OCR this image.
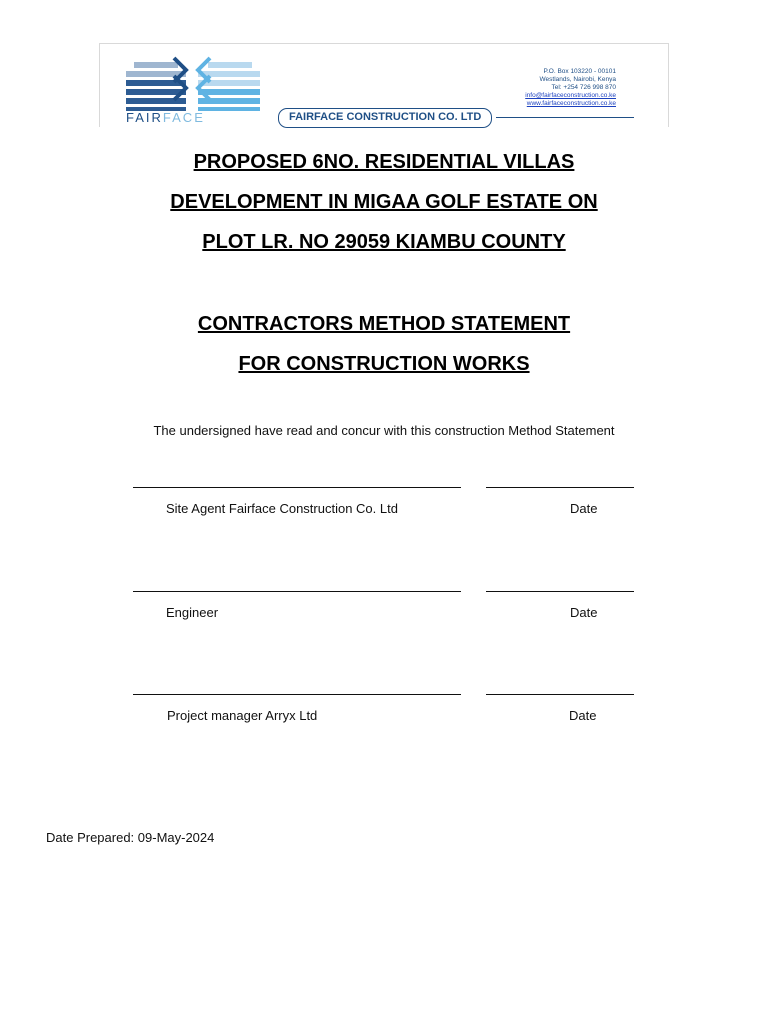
FAIRFACE	FAIRFACE CONSTRUCTION CO. LTD
P.O. Box 103220 - 00101
Westlands, Nairobi, Kenya
Tel: +254 726 998 870
info@fairfaceconstruction.co.ke
www.fairfaceconstruction.co.ke
PROPOSED 6NO. RESIDENTIAL VILLAS
DEVELOPMENT IN MIGAA GOLF ESTATE ON
PLOT LR. NO 29059 KIAMBU COUNTY
CONTRACTORS METHOD STATEMENT
FOR CONSTRUCTION WORKS
The undersigned have read and concur with this construction Method Statement
Site Agent Fairface Construction Co. Ltd	Date
Engineer	Date
Project manager Arryx Ltd	Date
Date Prepared: 09-May-2024
